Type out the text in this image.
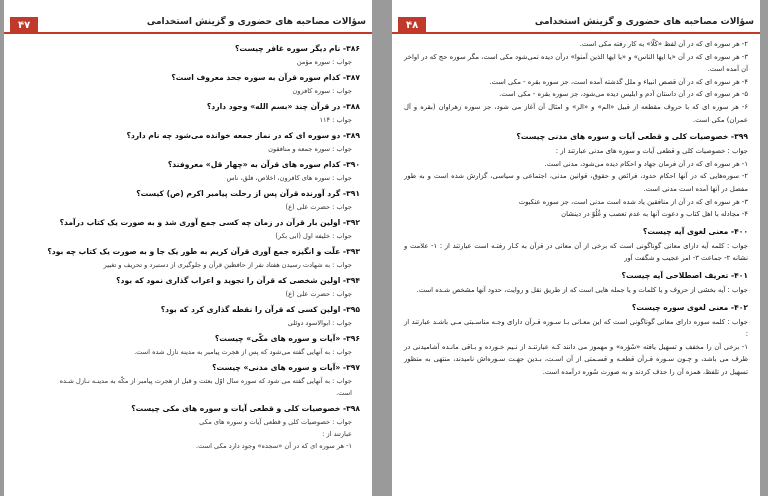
سؤالات مصاحبه های حضوری و گزینش استخدامی
۴۷
۳۸۶- نام دیگر سوره غافر چیست؟
جواب : سوره مؤمن
۳۸۷- کدام سوره قرآن به سوره جحد معروف است؟
جواب : سوره کافرون
۳۸۸- در قرآن چند «بسم الله» وجود دارد؟
جواب : ۱۱۴
۳۸۹- دو سوره ای که در نماز جمعه خوانده می‌شود چه نام دارد؟
جواب : سوره جمعه و منافقون
۳۹۰- کدام سوره های قرآن به «چهار قل» معروفند؟
جواب : سوره های کافرون، اخلاص، فلق، ناس
۳۹۱- گرد آورنده قرآن پس از رحلت پیامبر اکرم (ص) کیست؟
جواب : حضرت علی (ع)
۳۹۲- اولین بار قرآن در زمان چه کسی جمع آوری شد و به صورت یک کتاب درآمد؟
جواب : خلیفه اول (ابی بکر)
۳۹۳- علّت و انگیزه جمع آوری قرآن کریم به طور یک جا و به صورت یک کتاب چه بود؟
جواب : به شهادت رسیدن هفتاد نفر از حافظین قرآن و جلوگیری از دستبرد و تحریف و تغییر
۳۹۴- اولین شخصی که قرآن را تجوید و اعراب گذاری نمود که بود؟
جواب : حضرت علی (ع)
۳۹۵- اولین کسی که قرآن را نقطه گذاری کرد که بود؟
جواب : ابوالاسود دوئلی
۳۹۶- «آیات و سوره های مکّی» چیست؟
جواب : به آنهایی گفته می‌شود که پس از هجرت پیامبر به مدینه نازل شده است.
۳۹۷- «آیات و سوره های مدنی» چیست؟
جواب : به آنهایی گفته می شود که سوره سال اوّل بعثت و قبل از هجرت پیامبر از مکّه به مدینـه نـازل شـده
است.
۳۹۸- خصوصیات کلی و قطعی آیات و سوره های مکی چیست؟
جواب : خصوصیات کلی و قطعی آیات و سوره های مکی
عبارتند از :
۱- هر سوره ای که در آن «سجده» وجود دارد مکی است.
سؤالات مصاحبه های حضوری و گزینش استخدامی
۴۸
۲- هر سوره ای که در آن لفظ «کَلّا» به کار رفته مکی است.
۳- هر سوره ای که در آن «یا ایها الناس» و «یا ایها الذین آمنوا» درآن دیده نمی‌شود مکی است، مگر سوره حج که در اواخر آن آمده است.
۴- هر سوره ای که در آن قصص انبیاء و ملل گذشته آمده است، جز سوره بقره - مکی است.
۵- هر سوره ای که در آن داستان آدم و ابلیس دیده می‌شود، جز سوره بقره - مکی است.
۶- هر سوره ای که با حروف مقطعه از قبیل «الم» و «الر» و امثال آن آغاز می شود، جز سوره زهراوان (بقره و آل عمران) مکی است.
۳۹۹- خصوصیات کلی و قطعی آیات و سوره های مدنی چیست؟
جواب : خصوصیات کلی و قطعی آیات و سوره های مدنی عبارتند از :
۱- هر سوره ای که در آن فرمان جهاد و احکام دیده می‌شود، مدنی است.
۲- سوره‌هایی که در آنها احکام حدود، فرائض و حقوق، قوانین مدنی، اجتماعی و سیاسی، گزارش شده است و به طور مفصل در آنها آمده است مدنی است.
۳- هر سوره ای که در آن از منافقین یاد شده است مدنی است، جز سوره عنکبوت
۴- مجادله با اهل کتاب و دعوت آنها به عدم تعصب و غُلُوّ در دینشان
۴۰۰- معنی لغوی آیه چیست؟
جواب : کلمه آیه دارای معانی گوناگونی است که برخی از آن معانی در قرآن به کـار رفتـه است عبارتند از : ۱- علامت و نشانه ۲- جماعت ۳- امر عجیب و شگفت آور
۴۰۱- تعریف اصطلاحی آیه چیست؟
جواب : آیه بخشی از حروف و یا کلمات و یا جمله هایی است که از طریق نقل و روایت، حدود آنها مشخص شـده است.
۴۰۲- معنی لغوی سوره چیست؟
جواب : کلمه سوره دارای معانی گوناگونی است که این معـانی بـا سـوره قـرآن دارای وجـه مناسـبتی مـی باشـد عبارتند از :
۱- برخی آن را مخفف و تسهیل یافته «سُؤره» و مهموز می دانند کـه عبارتنـد از نـیم خـورده و بـاقی مانـده آشامیدنی در ظرف می باشد، و چـون سـوره قـرآن قطعـه و قسـمتی از آن اسـت، بـدین جهـت سـوره‌اش نامیدند، منتهی به منظور تسهیل در تلفظ، همزه آن را حذف کردند و به صورت سُوره درآمده است.
